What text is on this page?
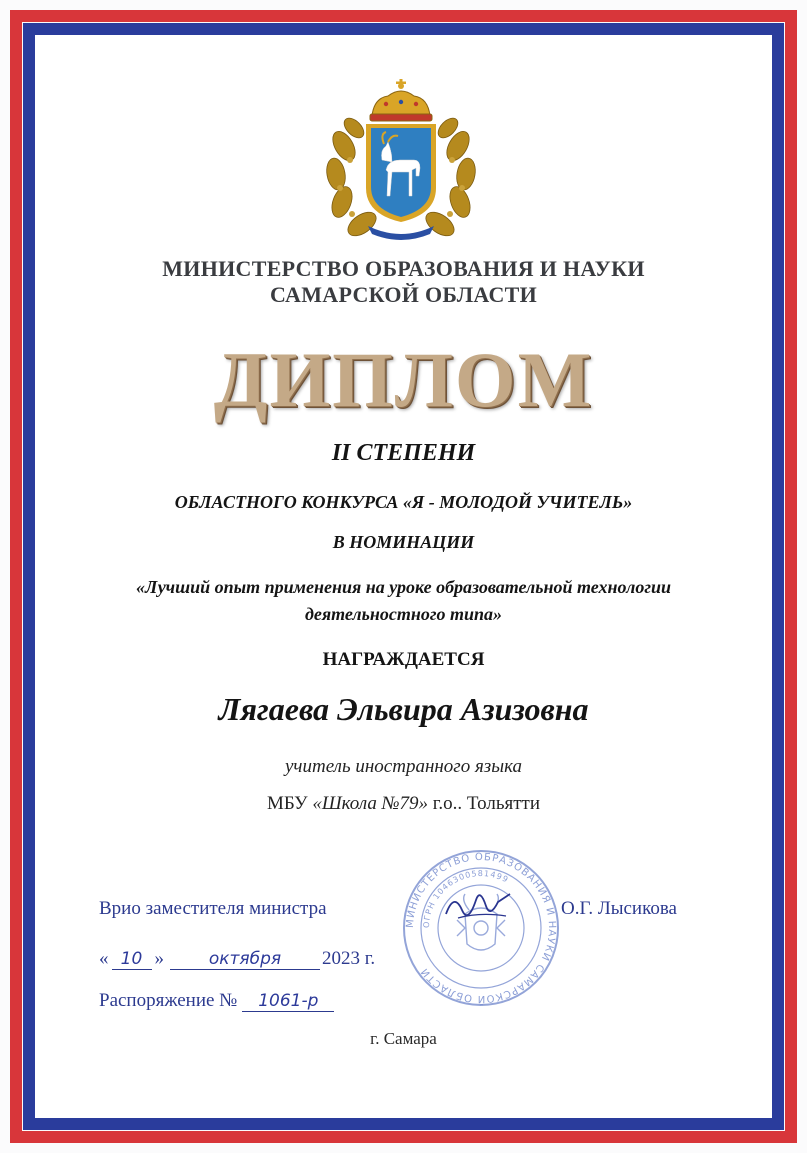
МИНИСТЕРСТВО ОБРАЗОВАНИЯ И НАУКИ
САМАРСКОЙ ОБЛАСТИ
ДИПЛОМ
II СТЕПЕНИ
ОБЛАСТНОГО КОНКУРСА «Я - МОЛОДОЙ УЧИТЕЛЬ»
В НОМИНАЦИИ
«Лучший опыт применения на уроке образовательной технологии
деятельностного типа»
НАГРАЖДАЕТСЯ
Лягаева Эльвира Азизовна
учитель иностранного языка
МБУ «Школа №79» г.о.. Тольятти
МИНИСТЕРСТВО ОБРАЗОВАНИЯ И НАУКИ САМАРСКОЙ ОБЛАСТИ
ОГРН 1046300581499
Врио заместителя министра	О.Г. Лысикова
« 10 »	октября 2023 г.
Распоряжение № 1061-р
г. Самара
